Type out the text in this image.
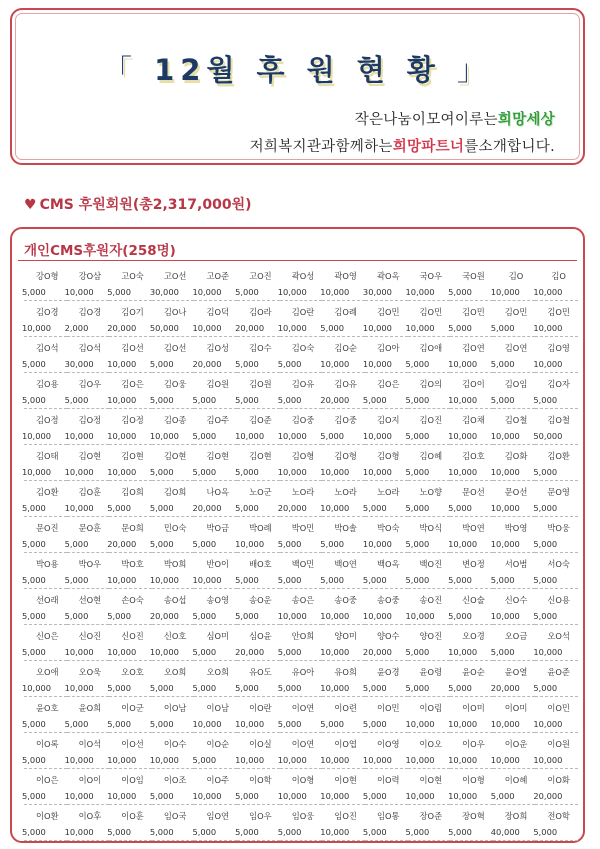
「 12월 후 원 현 황 」
작은나눔이모여이루는희망세상
저희복지관과함께하는희망파트너를소개합니다.
♥ CMS 후원회원(총2,317,000원)
개인CMS후원자(258명)
강O형
5,000
강O삼
10,000
고O숙
5,000
고O선
30,000
고O준
10,000
고O진
5,000
곽O성
10,000
곽O영
10,000
곽O옥
30,000
국O우
10,000
국O원
5,000
김O
10,000
김O
10,000
김O경
10,000
김O경
2,000
김O기
20,000
김O나
50,000
김O덕
10,000
김O라
20,000
김O란
10,000
김O례
5,000
김O민
10,000
김O민
10,000
김O민
5,000
김O민
5,000
김O민
10,000
김O석
5,000
김O석
30,000
김O선
10,000
김O선
5,000
김O성
20,000
김O수
5,000
김O숙
5,000
김O순
10,000
김O아
10,000
김O애
5,000
김O연
10,000
김O연
5,000
김O영
10,000
김O용
5,000
김O우
5,000
김O은
10,000
김O웅
5,000
김O원
5,000
김O원
5,000
김O유
5,000
김O유
20,000
김O은
5,000
김O의
5,000
김O이
10,000
김O임
5,000
김O자
5,000
김O정
10,000
김O정
10,000
김O정
10,000
김O종
10,000
김O주
5,000
김O준
10,000
김O중
10,000
김O중
5,000
김O지
10,000
김O진
5,000
김O채
10,000
김O철
10,000
김O철
50,000
김O태
10,000
김O현
10,000
김O현
10,000
김O현
5,000
김O현
5,000
김O현
5,000
김O형
10,000
김O형
10,000
김O형
10,000
김O혜
5,000
김O호
10,000
김O화
10,000
김O환
5,000
김O환
5,000
김O훈
10,000
김O희
5,000
김O희
5,000
나O옥
20,000
노O군
5,000
노O라
20,000
노O라
10,000
노O라
5,000
노O향
5,000
문O선
5,000
문O선
10,000
문O영
5,000
문O진
5,000
문O훈
5,000
문O희
20,000
민O숙
5,000
박O금
5,000
박O례
10,000
박O민
5,000
박O솔
5,000
박O숙
10,000
박O식
5,000
박O연
10,000
박O영
10,000
박O웅
5,000
박O용
5,000
박O우
5,000
박O호
10,000
박O희
10,000
반O이
10,000
배O호
5,000
백O민
5,000
백O연
5,000
백O옥
5,000
백O진
5,000
변O정
5,000
서O범
5,000
서O숙
5,000
선O래
5,000
선O현
5,000
손O숙
5,000
송O섭
20,000
송O영
5,000
송O운
5,000
송O은
10,000
송O중
10,000
송O중
10,000
송O진
10,000
신O술
5,000
신O수
10,000
신O용
5,000
신O은
5,000
신O진
10,000
신O진
10,000
신O호
10,000
심O미
5,000
심O윤
20,000
안O희
5,000
양O미
10,000
양O수
20,000
양O진
5,000
오O경
10,000
오O금
5,000
오O석
10,000
오O애
10,000
오O욱
10,000
오O호
5,000
오O희
5,000
오O희
5,000
유O도
5,000
유O아
5,000
유O희
10,000
윤O경
5,000
윤O령
5,000
윤O순
5,000
윤O열
20,000
윤O준
5,000
윤O호
5,000
윤O희
5,000
이O군
5,000
이O남
5,000
이O남
10,000
이O란
10,000
이O연
5,000
이O련
5,000
이O민
5,000
이O림
10,000
이O미
10,000
이O미
10,000
이O민
10,000
이O록
5,000
이O석
10,000
이O선
10,000
이O수
10,000
이O순
5,000
이O실
10,000
이O연
10,000
이O엽
10,000
이O영
10,000
이O오
10,000
이O우
10,000
이O운
10,000
이O원
10,000
이O은
5,000
이O이
10,000
이O임
10,000
이O조
5,000
이O주
10,000
이O학
5,000
이O형
10,000
이O현
10,000
이O력
5,000
이O현
10,000
이O형
10,000
이O혜
5,000
이O화
20,000
이O환
5,000
이O후
10,000
이O훈
5,000
임O국
5,000
임O연
5,000
임O우
5,000
임O웅
5,000
임O진
10,000
임O통
5,000
장O준
5,000
장O혁
5,000
장O희
40,000
전O학
5,000
